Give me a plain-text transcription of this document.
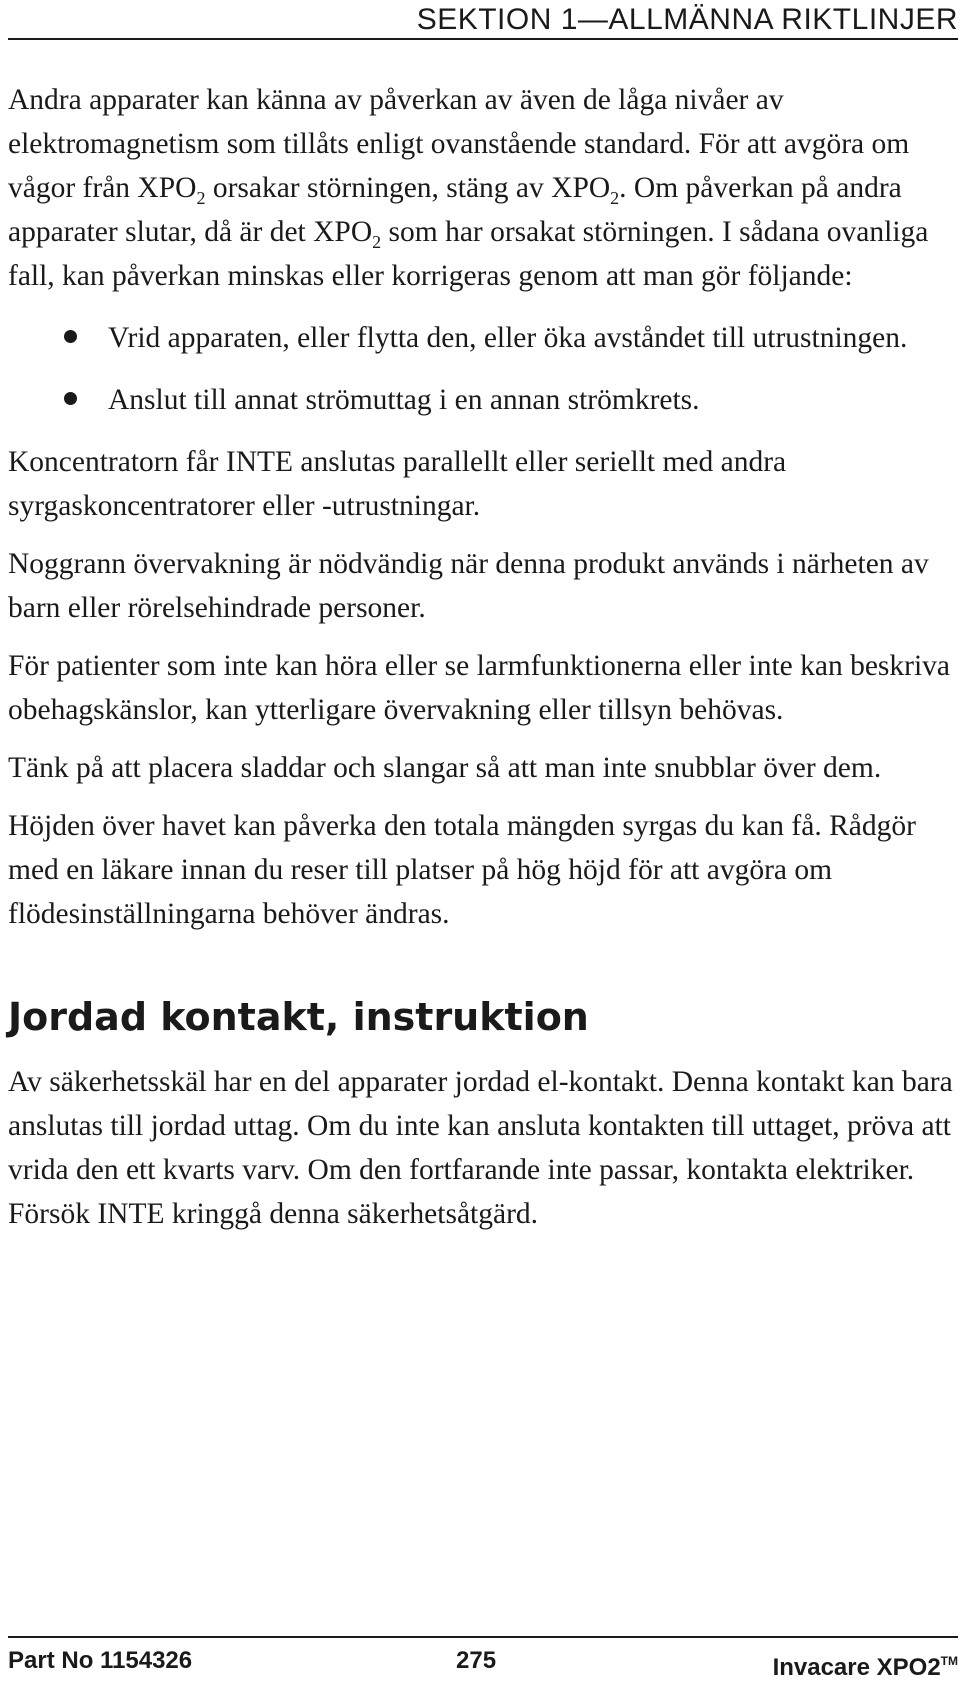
SEKTION 1—ALLMÄNNA RIKTLINJER

Andra apparater kan känna av påverkan av även de låga nivåer av elektromagnetism som tillåts enligt ovanstående standard. För att avgöra om vågor från $XPO_2$ orsakar störningen, stäng av $XPO_2$. Om påverkan på andra apparater slutar, då är $\det XPO_2$ som har orsakat störningen. I sådana ovanliga fall, kan påverkan minskas eller korrigeras genom att man gör följande:

Vrid apparaten, eller flytta den, eller öka avståndet till utrustningen.
Anslut till annat strömuttag i en annan strömkrets.

Koncentratorn får INTE anslutas parallellt eller seriellt med andra syrgaskoncentratorer eller -utrustningar.

Noggrann övervakning är nödvändig när denna produkt används i närheten av barn eller rörelsehindrade personer.

För patienter som inte kan höra eller se larmfunktionerna eller inte kan beskriva obehagskänslor, kan ytterligare övervakning eller tillsyn behövas.

Tänk på att placera sladdar och slangar så att man inte snubblar över dem.

Höjden över havet kan påverka den totala mängden syrgas du kan få. Rådgör med en läkare innan du reser till platser på hög höjd för att avgöra om flödesinställningarna behöver ändras.

Jordad kontakt, instruktion

Av säkerhetsskäl har en del apparater jordad el-kontakt. Denna kontakt kan bara anslutas till jordad uttag. Om du inte kan ansluta kontakten till uttaget, pröva att vrida den ett kvarts varv. Om den fortfarande inte passar, kontakta elektriker. Försök INTE kringgå denna säkerhetsåtgärd.

Part No 1154326	275	Invacare XPO2™
